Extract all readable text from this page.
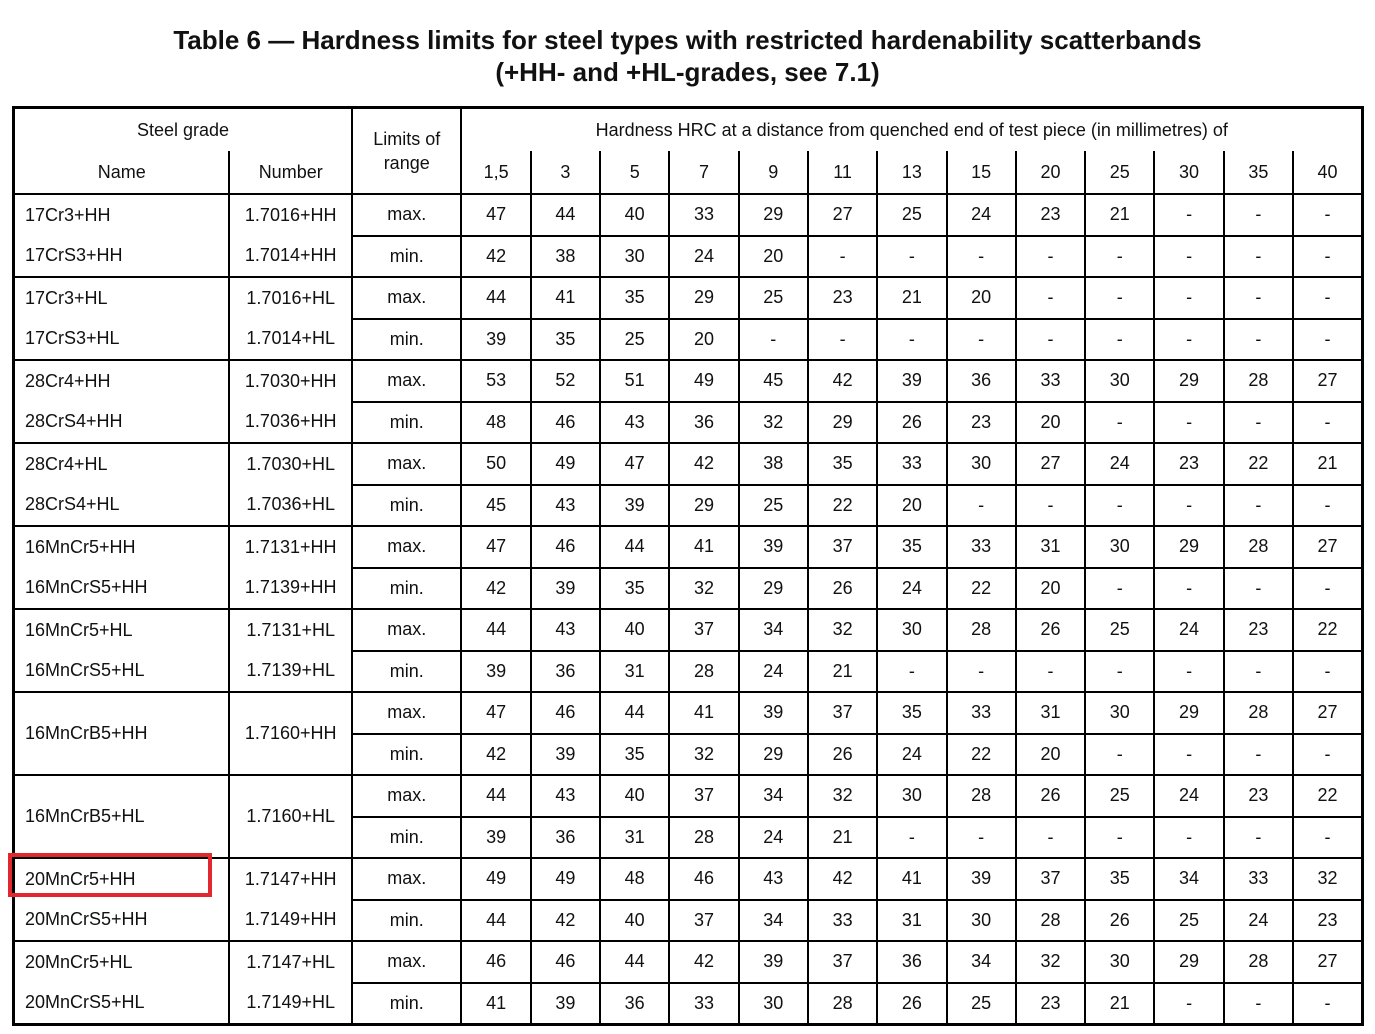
Table 6 — Hardness limits for steel types with restricted hardenability scatterbands
(+HH- and +HL-grades, see 7.1)
Steel grade		Limits of range	Hardness HRC at a distance from quenched end of test piece (in millimetres) of												
Name	Number		1,5	3	5	7	9	11	13	15	20	25	30	35	40
17Cr3+HH	1.7016+HH	max.	47	44	40	33	29	27	25	24	23	21	-	-	-
17CrS3+HH	1.7014+HH	min.	42	38	30	24	20	-	-	-	-	-	-	-	-
17Cr3+HL	1.7016+HL	max.	44	41	35	29	25	23	21	20	-	-	-	-	-
17CrS3+HL	1.7014+HL	min.	39	35	25	20	-	-	-	-	-	-	-	-	-
28Cr4+HH	1.7030+HH	max.	53	52	51	49	45	42	39	36	33	30	29	28	27
28CrS4+HH	1.7036+HH	min.	48	46	43	36	32	29	26	23	20	-	-	-	-
28Cr4+HL	1.7030+HL	max.	50	49	47	42	38	35	33	30	27	24	23	22	21
28CrS4+HL	1.7036+HL	min.	45	43	39	29	25	22	20	-	-	-	-	-	-
16MnCr5+HH	1.7131+HH	max.	47	46	44	41	39	37	35	33	31	30	29	28	27
16MnCrS5+HH	1.7139+HH	min.	42	39	35	32	29	26	24	22	20	-	-	-	-
16MnCr5+HL	1.7131+HL	max.	44	43	40	37	34	32	30	28	26	25	24	23	22
16MnCrS5+HL	1.7139+HL	min.	39	36	31	28	24	21	-	-	-	-	-	-	-
16MnCrB5+HH	1.7160+HH	max.	47	46	44	41	39	37	35	33	31	30	29	28	27
		min.	42	39	35	32	29	26	24	22	20	-	-	-	-
16MnCrB5+HL	1.7160+HL	max.	44	43	40	37	34	32	30	28	26	25	24	23	22
		min.	39	36	31	28	24	21	-	-	-	-	-	-	-
20MnCr5+HH	1.7147+HH	max.	49	49	48	46	43	42	41	39	37	35	34	33	32
20MnCrS5+HH	1.7149+HH	min.	44	42	40	37	34	33	31	30	28	26	25	24	23
20MnCr5+HL	1.7147+HL	max.	46	46	44	42	39	37	36	34	32	30	29	28	27
20MnCrS5+HL	1.7149+HL	min.	41	39	36	33	30	28	26	25	23	21	-	-	-
